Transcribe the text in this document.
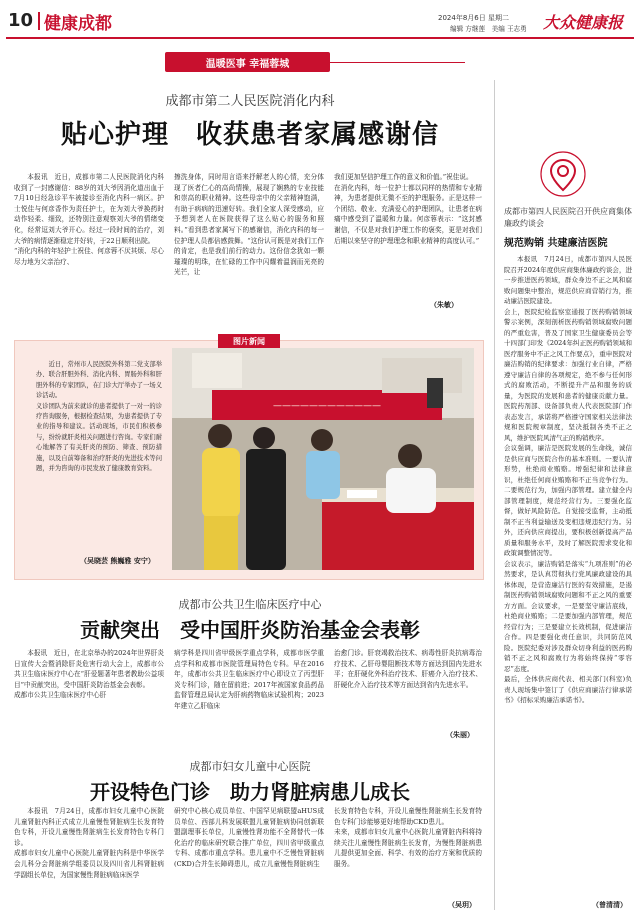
10 健康成都	2024年8月6日 星期二
编辑 方继莲　美编 王志勇 大众健康报
温暖医事 幸福蓉城
成都市第二人民医院消化内科
贴心护理　收获患者家属感谢信

本报讯　近日，成都市第二人民医院消化内科收到了一封感谢信：88岁的刘大爷因消化道出血于7月10日经急诊平车被接诊至消化内科一病区。护士悦佳与何彦香作为责任护士，在为刘大爷换药时动作轻柔、细致，还特别注意观察刘大爷的情绪变化，经常逗刘大爷开心。经过一段时间的治疗，刘大爷的病情逐渐稳定并好转，于22日顺利出院。
“消化内科的年轻护士祝佳、何彦蓉不厌其烦、尽心尽力地为父亲治疗、

擦洗身体，同时用言语来抒解老人的心情，充分体现了医者仁心的高尚情操，展现了娴熟的专业技能和崇高的职业精神。这些母亲中的父亲精神饱满，有助于病病的迅速好转。我们全家人深受感动，应予想到老人在医院获得了这么贴心的服务和照料。”看到患者家属写下的感谢信，消化内科的每一位护理人员都倍感鼓舞。“这份认可既是对我们工作的肯定，也是我们前行的动力。这份信念犹如一颗璀璨的明珠，在忙碌的工作中闪耀着温润而光亮的光芒，让

我们更加坚信护理工作的意义和价值。”祝佳说。
在消化内科，每一位护士都以同样的热情和专业精神，为患者提供无微不至的护理服务。正是这样一个团结、敬业、充满爱心的护理团队，让患者在病痛中感受到了温暖和力量。何彦蓉表示：“这封感谢信，不仅是对我们护理工作的褒奖，更是对我们后期以来坚守的护理理念和职业精神的高度认可。”

（朱敏）
图片新闻

近日，常州市人民医院外科第二党支部举办、联合肝胆外科、消化内科、胃肠外科和肝胆外科的专家团队，在门诊大厅举办了一场义诊活动。
义诊团队为前来就诊的患者提供了一对一的诊疗咨询服务，根据检查结果，为患者提供了专业的指导和建议。活动现场，市民们积极参与，纷纷就肝炎相关问题进行咨询。专家们耐心地解答了有关肝炎的预防、筛查、预防措施，以及自前筹备和治疗肝炎的先进技术等问题，并为咨询的市民发放了健康教育资料。

（吴晓芸 熊巍雅 安宁）
————————————
成都市公共卫生临床医疗中心
贡献突出　受中国肝炎防治基金会表彰

本报讯　近日，在北京举办的2024年世界肝炎日宣传大会暨消除肝炎危害行动大会上，成都市公共卫生临床医疗中心在“肝爱题著年患者教助公益项目”中贡献突出，受中国肝炎防治基金会表彰。
成都市公共卫生临床医疗中心肝

病学科是四川省甲级医学重点学科，成都市医学重点学科和成都市医院管理局特色专科。早在2016年，成都市公共卫生临床医疗中心即设立了丙型肝炎专科门诊，随在留前进；2017年被国家食品药品监督管理总局认定为肝病药物临床试验机构；2023年建立乙肝临床

治愈门诊。肝衰竭救治技术、病毒性肝炎抗病毒治疗技术、乙肝母婴阻断技术等方面达到国内先进水平；在肝硬化外科治疗技术、肝癌介入治疗技术、肝硬化介入治疗技术等方面达到省内先进水平。

（朱丽）
成都市妇女儿童中心医院
开设特色门诊　助力肾脏病患儿成长

本报讯　7月24日，成都市妇女儿童中心医院儿童肾脏内科正式成立儿童慢性肾脏病生长发育特色专科，开设儿童慢性肾脏病生长发育特色专科门诊。
成都市妇女儿童中心医院儿童肾脏内科是中华医学会儿科分会肾脏病学组委员以及四川省儿科肾脏病学副组长单位，为国家慢性肾脏病临床医学

研究中心核心成员单位、中国罕见病联盟aHUS成员单位、西部儿科发展联盟儿童肾脏病协同创新联盟副理事长单位，儿童慢性肾功能不全肾替代一体化治疗的临床研究联合推广单位，四川省甲级重点专科、成都市重点学科。患儿童中不乏慢性肾脏病(CKD)合并生长障碍患儿，成立儿童慢性肾脏病生

长发育特色专科，开设儿童慢性肾脏病生长发育特色专科门诊能够更好地帮助CKD患儿。
未来，成都市妇女儿童中心医院儿童肾脏内科将持续关注儿童慢性肾脏病生长发育，为慢性肾脏病患儿提供更加全面、科学、有效的治疗方案和优质的服务。

（吴玥）
成都市第四人民医院召开供应商集体廉政约谈会
规范购销 共建廉洁医院

本报讯　7月24日，成都市第四人民医院召开2024年度供应商集体廉政约谈会，进一步推进医药领域，群众身边不正之风和腐败问题集中整治，规范供应商营销行为，推动廉洁医院建设。
会上，医院纪检监察室通报了医药购销领域警示案例，深刻剖析医药购销领域腐败问题的严重危害，普及了国家卫生健康委员会等十四部门印发《2024年纠正医药购销领域和医疗服务中不正之风工作要点》，重申医院对廉洁购销的纪律要求：加强行业自律，严格遵守廉洁自律的各项规定，绝不参与任何形式的腐败活动，不断提升产品和服务的质量，为医院的发展和患者的健康贡献力量。医院药剂部、设备部负责人代表医院部门作表态发言，承诺将严格遵守国家相关法律法规和医院规章制度，坚决抵制各类不正之风，维护医院风清气正的购销秩序。
会议强调，廉洁是医院发展的生命线，诚信是供应商与医院合作的基本准则。一要认清形势，杜绝商业贿赂。增强纪律和法律意识，杜绝任何商业贿赂和不正当竞争行为。二要规范行为，加强内部管理。建立健全内部管理制度，规范经营行为。三要强化监督，做好风险防范。自觉接受监督，主动抵制不正当利益输送及变相违规违纪行为。另外，还向供应商提出，要积极创新提高产品质量和服务水平，及时了解医院需求变化和政策调整情况等。
会议表示，廉洁购销是落实“九项准则”的必然要求，是认真贯彻执行党风廉政建设的具体体现，是营造廉洁行医的有效措施，是遏制医药购销领域腐败问题和不正之风的重要方方面。会议要求，一是要坚守廉洁底线，杜绝商业贿赂；二是要加强内部管理，规范经营行为；三是要建立长效机制，促进廉洁合作。四是要强化责任意识，共同防范风险。医院纪委对涉及群众切身利益的医药购销不正之风和腐败行为将始终保持“零容忍”态度。
最后，全体供应商代表、相关部门(科室)负责人现场集中签订了《供应商廉洁行律承诺书》《招标采购廉洁承诺书》。

（曾清清）
